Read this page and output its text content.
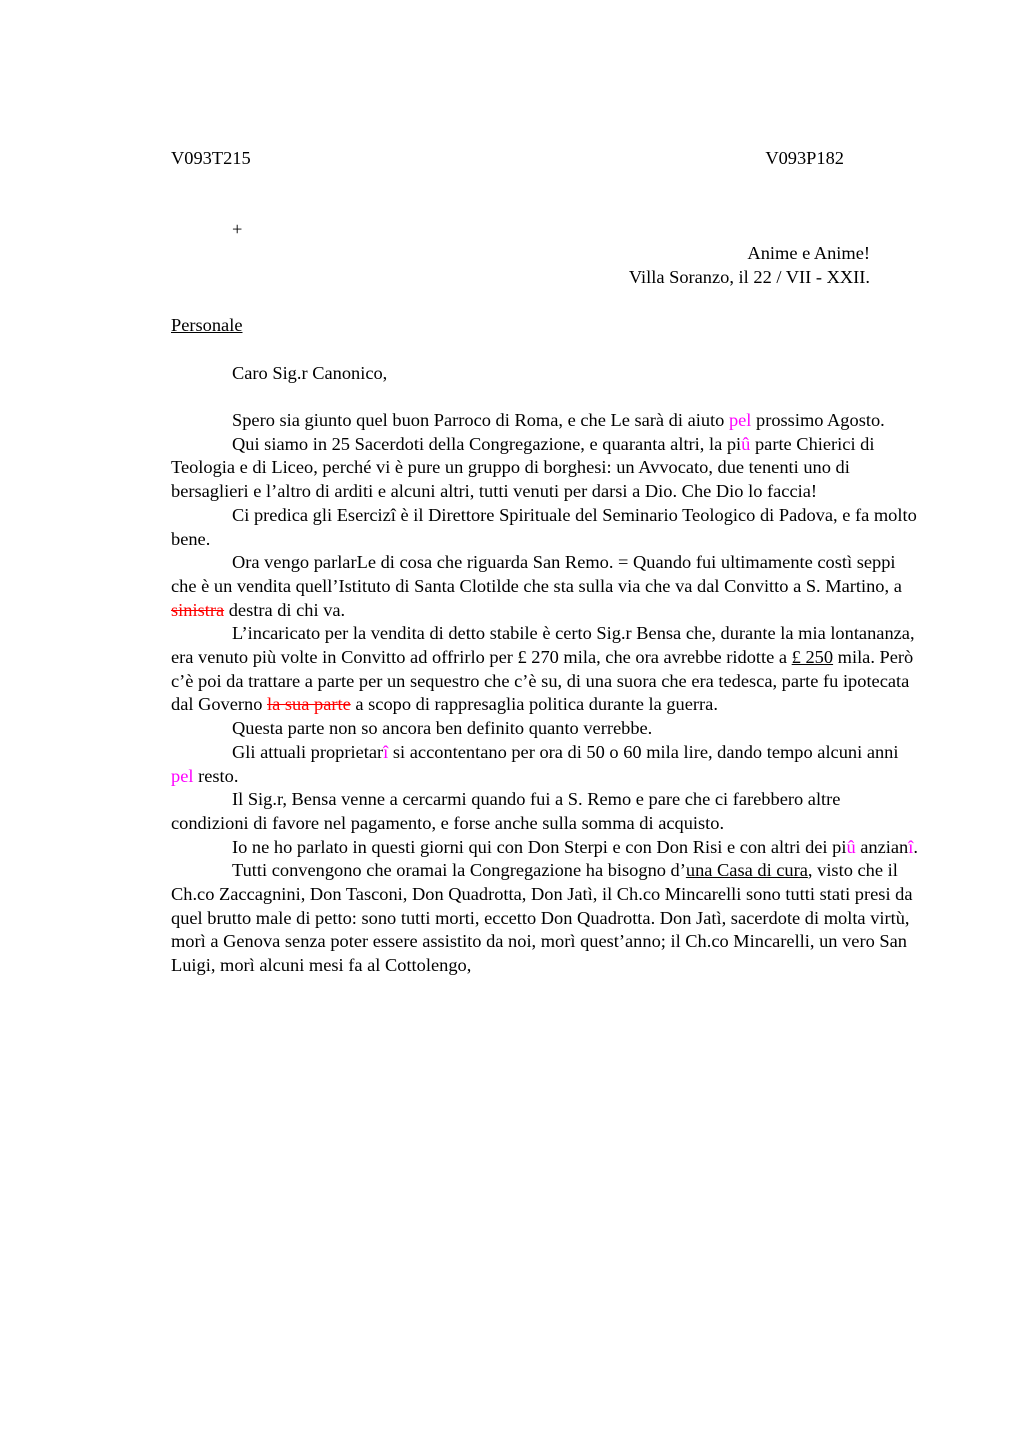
V093T215	V093P182
+
Anime e Anime!
Villa Soranzo, il 22 / VII - XXII.
Personale
Caro Sig.r Canonico,

Spero sia giunto quel buon Parroco di Roma, e che Le sarà di aiuto pel prossimo Agosto.

Qui siamo in 25 Sacerdoti della Congregazione, e quaranta altri, la piû parte Chierici di Teologia e di Liceo, perché vi è pure un gruppo di borghesi: un Avvocato, due tenenti uno di bersaglieri e l’altro di arditi e alcuni altri, tutti venuti per darsi a Dio. Che Dio lo faccia!

Ci predica gli Esercizî è il Direttore Spirituale del Seminario Teologico di Padova, e fa molto bene.

Ora vengo parlarLe di cosa che riguarda San Remo. = Quando fui ultimamente costì seppi che è un vendita quell’Istituto di Santa Clotilde che sta sulla via che va dal Convitto a S. Martino, a sinistra destra di chi va.

L’incaricato per la vendita di detto stabile è certo Sig.r Bensa che, durante la mia lontananza, era venuto più volte in Convitto ad offrirlo per £ 270 mila, che ora avrebbe ridotte a £ 250 mila. Però c’è poi da trattare a parte per un sequestro che c’è su, di una suora che era tedesca, parte fu ipotecata dal Governo la sua parte a scopo di rappresaglia politica durante la guerra.

Questa parte non so ancora ben definito quanto verrebbe.

Gli attuali proprietarî si accontentano per ora di 50 o 60 mila lire, dando tempo alcuni anni pel resto.

Il Sig.r, Bensa venne a cercarmi quando fui a S. Remo e pare che ci farebbero altre condizioni di favore nel pagamento, e forse anche sulla somma di acquisto.

Io ne ho parlato in questi giorni qui con Don Sterpi e con Don Risi e con altri dei piû anzianî.

Tutti convengono che oramai la Congregazione ha bisogno d’una Casa di cura, visto che il Ch.co Zaccagnini, Don Tasconi, Don Quadrotta, Don Jatì, il Ch.co Mincarelli sono tutti stati presi da quel brutto male di petto: sono tutti morti, eccetto Don Quadrotta. Don Jatì, sacerdote di molta virtù, morì a Genova senza poter essere assistito da noi, morì quest’anno; il Ch.co Mincarelli, un vero San Luigi, morì alcuni mesi fa al Cottolengo,
